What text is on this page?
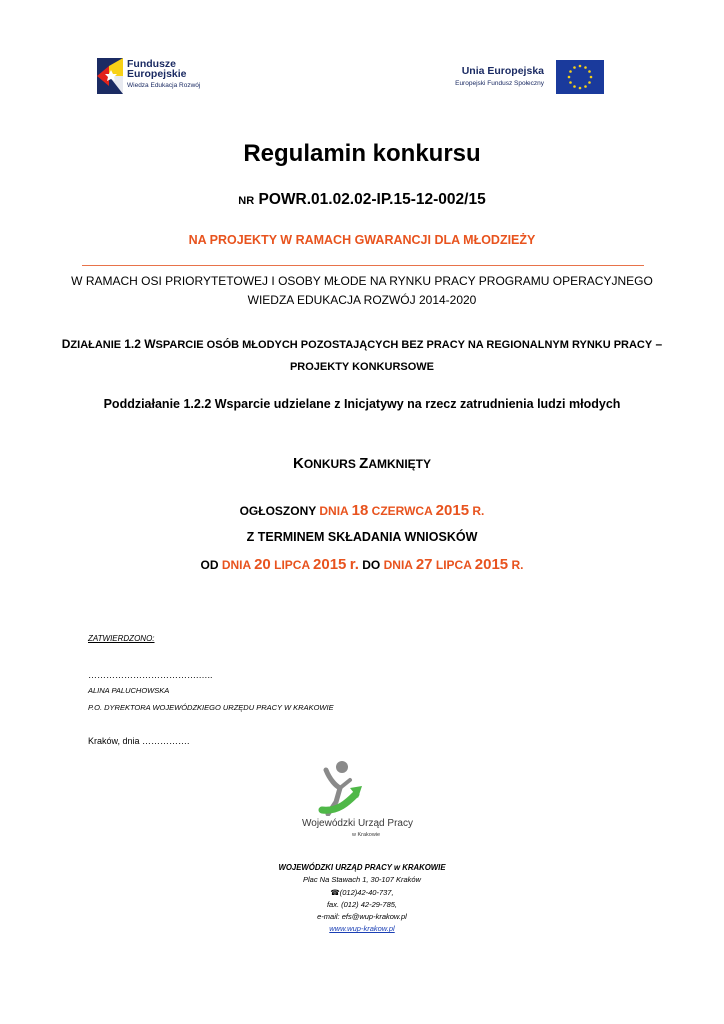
Fundusze
Europejskie
Wiedza Edukacja Rozwój
Unia Europejska
Europejski Fundusz Społeczny
Regulamin konkursu
NR POWR.01.02.02-IP.15-12-002/15
NA PROJEKTY W RAMACH GWARANCJI DLA MŁODZIEŻY
W RAMACH OSI PRIORYTETOWEJ I OSOBY MŁODE NA RYNKU PRACY PROGRAMU OPERACYJNEGO
WIEDZA EDUKACJA ROZWÓJ 2014-2020
DZIAŁANIE 1.2 WSPARCIE OSÓB MŁODYCH POZOSTAJĄCYCH BEZ PRACY NA REGIONALNYM RYNKU PRACY –
PROJEKTY KONKURSOWE
Poddziałanie 1.2.2 Wsparcie udzielane z Inicjatywy na rzecz zatrudnienia ludzi młodych
KONKURS ZAMKNIĘTY
OGŁOSZONY DNIA 18 CZERWCA 2015 R.
Z TERMINEM SKŁADANIA WNIOSKÓW
OD DNIA 20 LIPCA 2015 r. DO DNIA 27 LIPCA 2015 R.
ZATWIERDZONO:
……………………………….…..
ALINA PALUCHOWSKA
P.O. DYREKTORA WOJEWÓDZKIEGO URZĘDU PRACY W KRAKOWIE
Kraków, dnia …………….
Wojewódzki Urząd Pracy
w Krakowie
WOJEWÓDZKI URZĄD PRACY w KRAKOWIE
Plac Na Stawach 1, 30-107 Kraków
☎(012)42-40-737,
fax. (012) 42-29-785,
e-mail: efs@wup-krakow.pl
www.wup-krakow.pl
